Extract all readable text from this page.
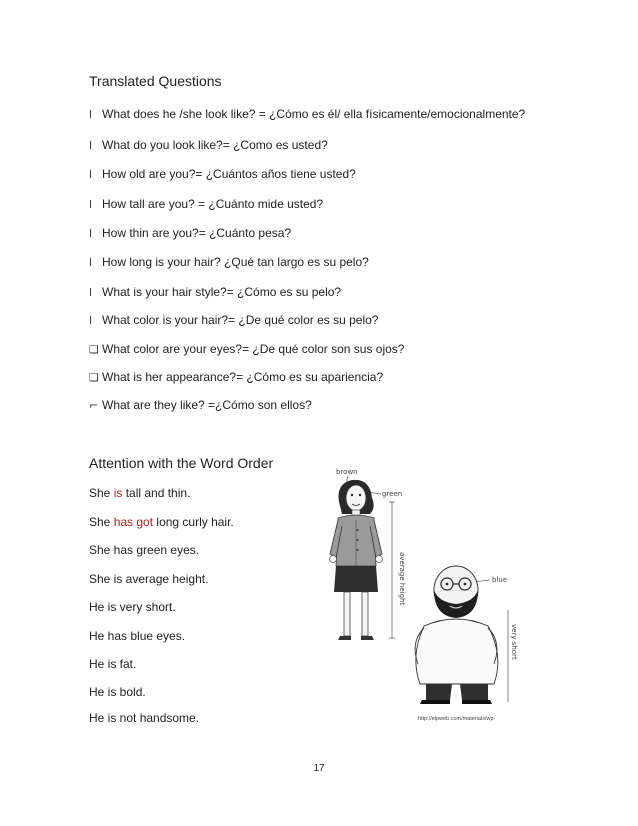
Translated Questions
l What does he /she look like? = ¿Cómo es él/ ella físicamente/emocionalmente?
l What do you look like?= ¿Como es usted?
l How old are you?= ¿Cuántos años tiene usted?
l How tall are you? = ¿Cuánto mide usted?
l How thin are you?= ¿Cuánto pesa?
l How long is your hair? ¿Qué tan largo es su pelo?
l What is your hair style?= ¿Cómo es su pelo?
l What color is your hair?= ¿De qué color es su pelo?
❑ What color are your eyes?= ¿De qué color son sus ojos?
❑ What is her appearance?= ¿Cómo es su apariencia?
⌐ What are they like? =¿Cómo son ellos?
Attention with the Word Order
She is tall and thin.
She has got long curly hair.
She has green eyes.
She is average height.
He is very short.
He has blue eyes.
He is fat.
He is bold.
He is not handsome.
brown
green
average height	blue
very short
http://elpweb.com/materials/wp-
17
